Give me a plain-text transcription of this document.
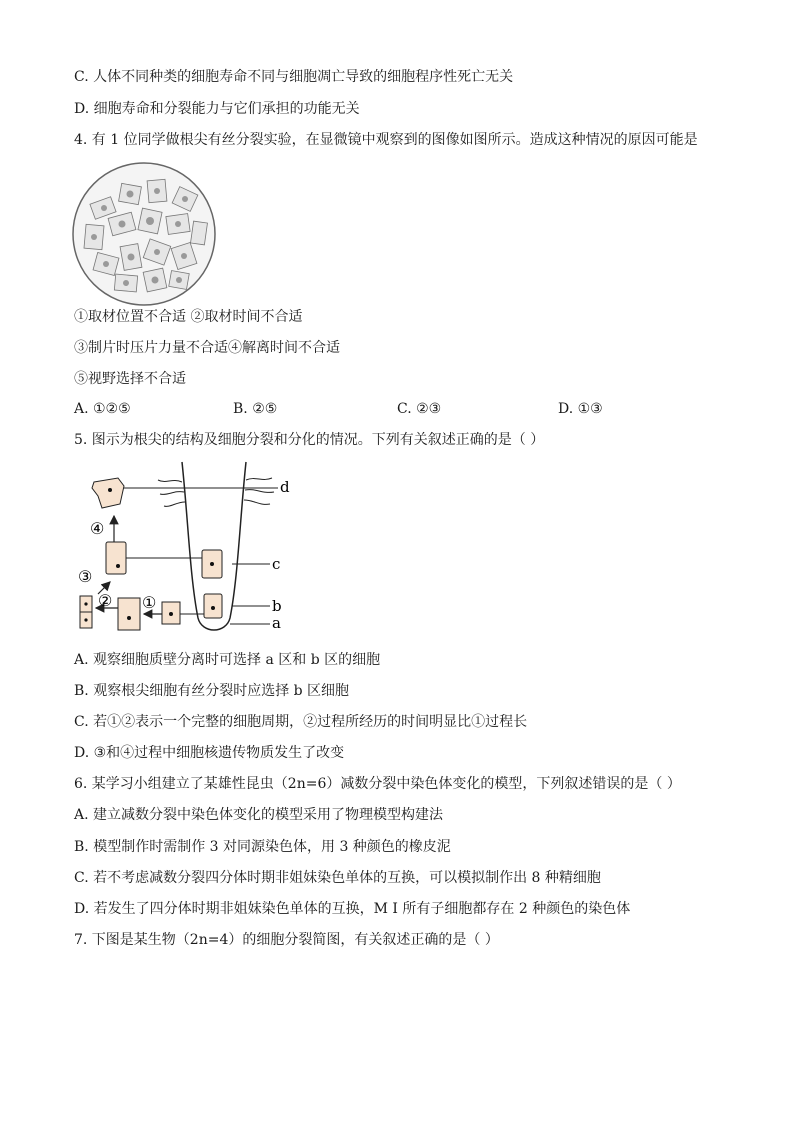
C. 人体不同种类的细胞寿命不同与细胞凋亡导致的细胞程序性死亡无关
D. 细胞寿命和分裂能力与它们承担的功能无关
4. 有 1 位同学做根尖有丝分裂实验，在显微镜中观察到的图像如图所示。造成这种情况的原因可能是
①取材位置不合适 ②取材时间不合适
③制片时压片力量不合适④解离时间不合适
⑤视野选择不合适
A. ①②⑤	B. ②⑤	C. ②③	D. ①③
5. 图示为根尖的结构及细胞分裂和分化的情况。下列有关叙述正确的是（ ）
d
④
c
③
② ①	b
a
A. 观察细胞质壁分离时可选择 a 区和 b 区的细胞
B. 观察根尖细胞有丝分裂时应选择 b 区细胞
C. 若①②表示一个完整的细胞周期，②过程所经历的时间明显比①过程长
D. ③和④过程中细胞核遗传物质发生了改变
6. 某学习小组建立了某雄性昆虫（2n=6）减数分裂中染色体变化的模型，下列叙述错误的是（ ）
A. 建立减数分裂中染色体变化的模型采用了物理模型构建法
B. 模型制作时需制作 3 对同源染色体，用 3 种颜色的橡皮泥
C. 若不考虑减数分裂四分体时期非姐妹染色单体的互换，可以模拟制作出 8 种精细胞
D. 若发生了四分体时期非姐妹染色单体的互换，M I 所有子细胞都存在 2 种颜色的染色体
7. 下图是某生物（2n=4）的细胞分裂简图，有关叙述正确的是（ ）
